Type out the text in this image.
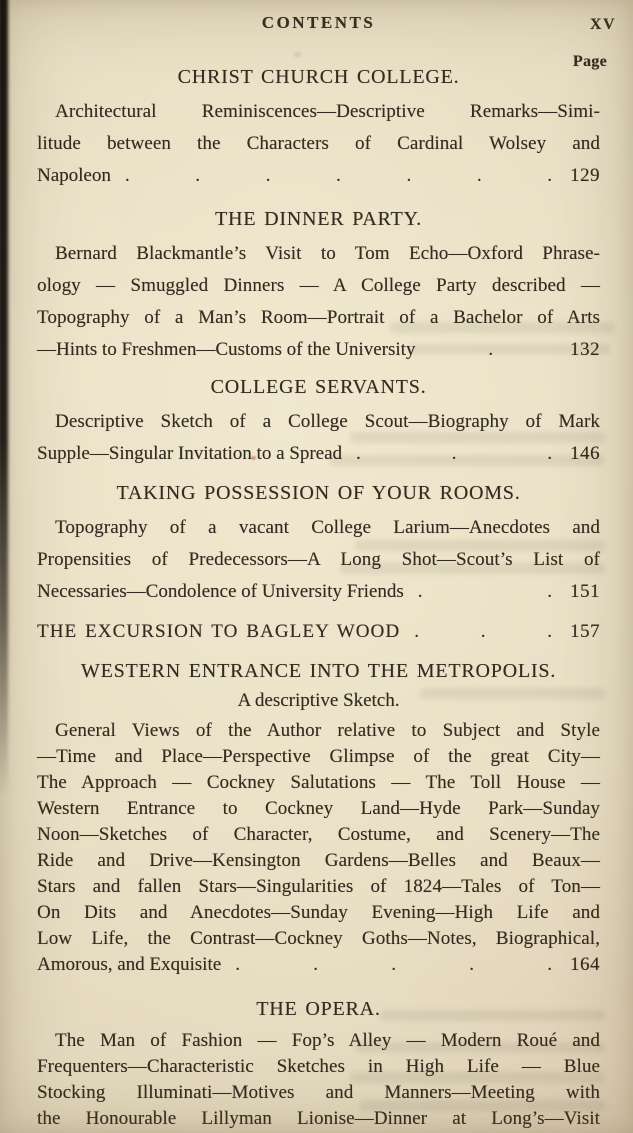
Page
CONTENTS	XV
CHRIST CHURCH COLLEGE.
Architectural Reminiscences—Descriptive Remarks—Simi-
litude between the Characters of Cardinal Wolsey and
Napoleon . . . . . . . 129
THE DINNER PARTY.
Bernard Blackmantle’s Visit to Tom Echo—Oxford Phrase-
ology — Smuggled Dinners — A College Party described —
Topography of a Man’s Room—Portrait of a Bachelor of Arts
—Hints to Freshmen—Customs of the University	.	132
COLLEGE SERVANTS.
Descriptive Sketch of a College Scout—Biography of Mark
Supple—Singular Invitation to a Spread . . . 146
TAKING POSSESSION OF YOUR ROOMS.
Topography of a vacant College Larium—Anecdotes and
Propensities of Predecessors—A Long Shot—Scout’s List of
Necessaries—Condolence of University Friends . . 151
THE EXCURSION TO BAGLEY WOOD . . . 157
WESTERN ENTRANCE INTO THE METROPOLIS.
A descriptive Sketch.
General Views of the Author relative to Subject and Style
—Time and Place—Perspective Glimpse of the great City—
The Approach — Cockney Salutations — The Toll House —
Western Entrance to Cockney Land—Hyde Park—Sunday
Noon—Sketches of Character, Costume, and Scenery—The
Ride and Drive—Kensington Gardens—Belles and Beaux—
Stars and fallen Stars—Singularities of 1824—Tales of Ton—
On Dits and Anecdotes—Sunday Evening—High Life and
Low Life, the Contrast—Cockney Goths—Notes, Biographical,
Amorous, and Exquisite . . . . . 164
THE OPERA.
The Man of Fashion — Fop’s Alley — Modern Roué and
Frequenters—Characteristic Sketches in High Life — Blue
Stocking Illuminati—Motives and Manners—Meeting with
the Honourable Lillyman Lionise—Dinner at Long’s—Visit
